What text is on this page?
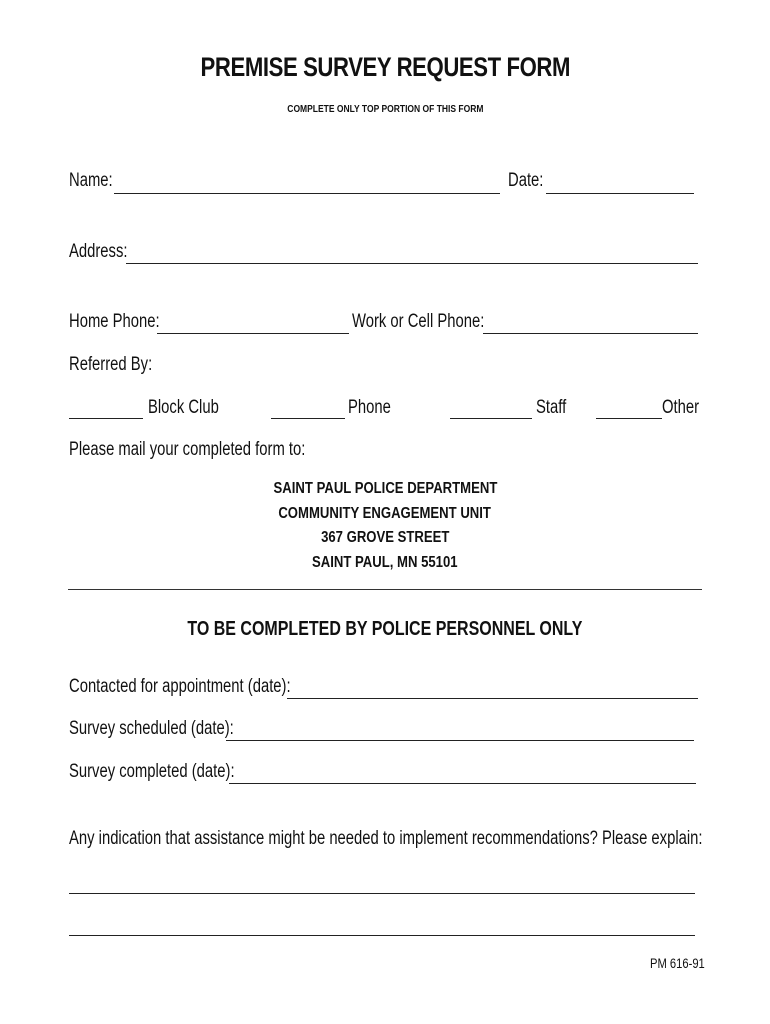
PREMISE SURVEY REQUEST FORM
COMPLETE ONLY TOP PORTION OF THIS FORM
Name:	Date:
Address:
Home Phone:	Work or Cell Phone:
Referred By:
Block Club	Phone	Staff	Other
Please mail your completed form to:
SAINT PAUL POLICE DEPARTMENT
COMMUNITY ENGAGEMENT UNIT
367 GROVE STREET
SAINT PAUL, MN 55101
TO BE COMPLETED BY POLICE PERSONNEL ONLY
Contacted for appointment (date):
Survey scheduled (date):
Survey completed (date):
Any indication that assistance might be needed to implement recommendations? Please explain:
PM 616-91
